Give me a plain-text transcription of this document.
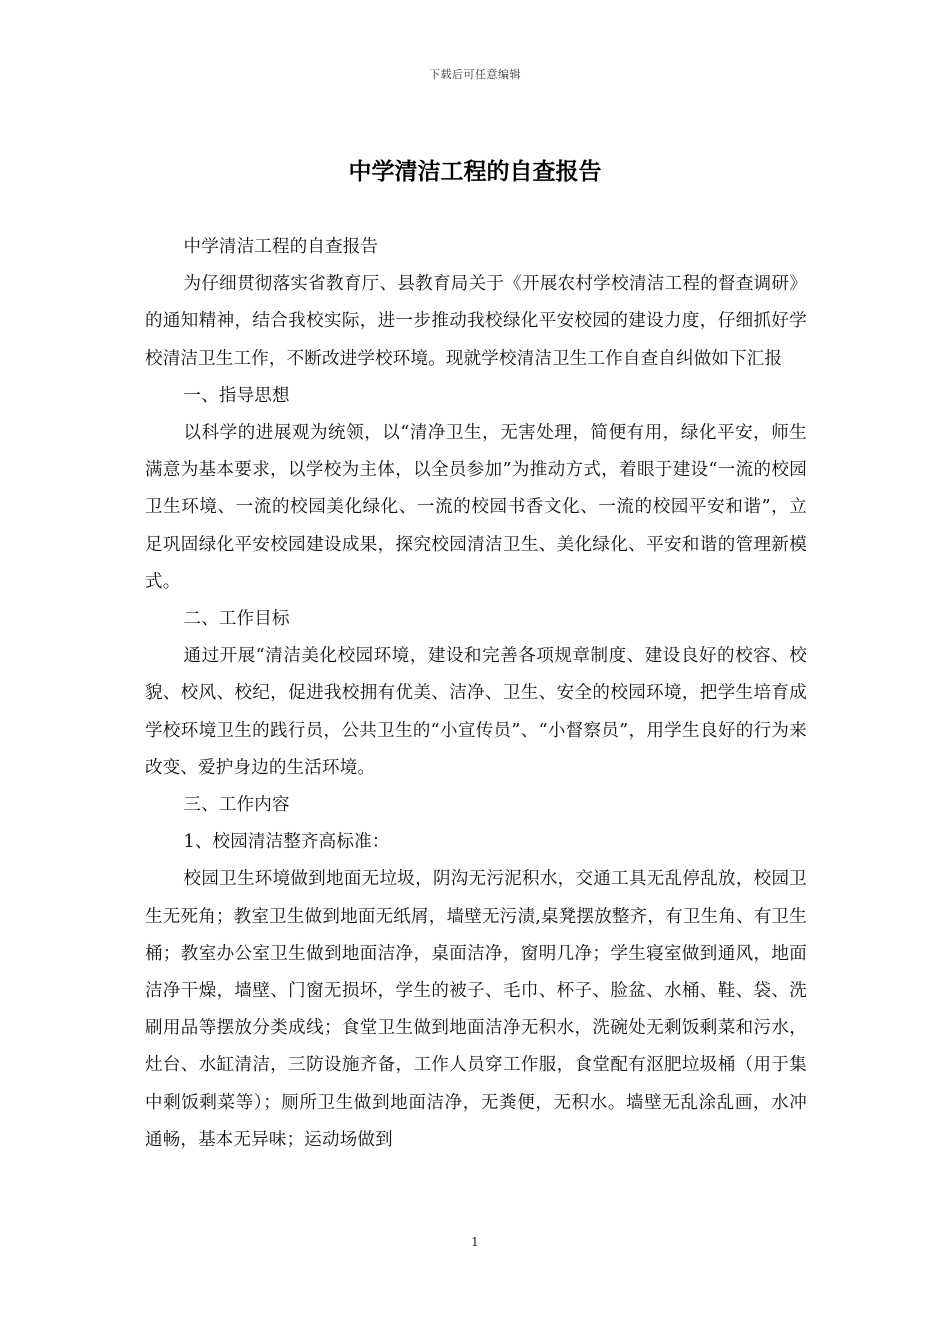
下载后可任意编辑
中学清洁工程的自查报告

中学清洁工程的自查报告

为仔细贯彻落实省教育厅、县教育局关于《开展农村学校清洁工程的督查调研》的通知精神，结合我校实际，进一步推动我校绿化平安校园的建设力度，仔细抓好学校清洁卫生工作，不断改进学校环境。现就学校清洁卫生工作自查自纠做如下汇报

一、指导思想

以科学的进展观为统领，以“清净卫生，无害处理，简便有用，绿化平安，师生满意为基本要求，以学校为主体，以全员参加”为推动方式，着眼于建设“一流的校园卫生环境、一流的校园美化绿化、一流的校园书香文化、一流的校园平安和谐”，立足巩固绿化平安校园建设成果，探究校园清洁卫生、美化绿化、平安和谐的管理新模式。

二、工作目标

通过开展“清洁美化校园环境，建设和完善各项规章制度、建设良好的校容、校貌、校风、校纪，促进我校拥有优美、洁净、卫生、安全的校园环境，把学生培育成学校环境卫生的践行员，公共卫生的“小宣传员”、“小督察员”，用学生良好的行为来改变、爱护身边的生活环境。

三、工作内容

1、校园清洁整齐高标准：

校园卫生环境做到地面无垃圾，阴沟无污泥积水，交通工具无乱停乱放，校园卫生无死角；教室卫生做到地面无纸屑，墙壁无污渍,桌凳摆放整齐，有卫生角、有卫生桶；教室办公室卫生做到地面洁净，桌面洁净，窗明几净；学生寝室做到通风，地面洁净干燥，墙壁、门窗无损坏，学生的被子、毛巾、杯子、脸盆、水桶、鞋、袋、洗刷用品等摆放分类成线；食堂卫生做到地面洁净无积水，洗碗处无剩饭剩菜和污水，灶台、水缸清洁，三防设施齐备，工作人员穿工作服，食堂配有沤肥垃圾桶（用于集中剩饭剩菜等）；厕所卫生做到地面洁净，无粪便，无积水。墙壁无乱涂乱画，水冲通畅，基本无异味；运动场做到

1
